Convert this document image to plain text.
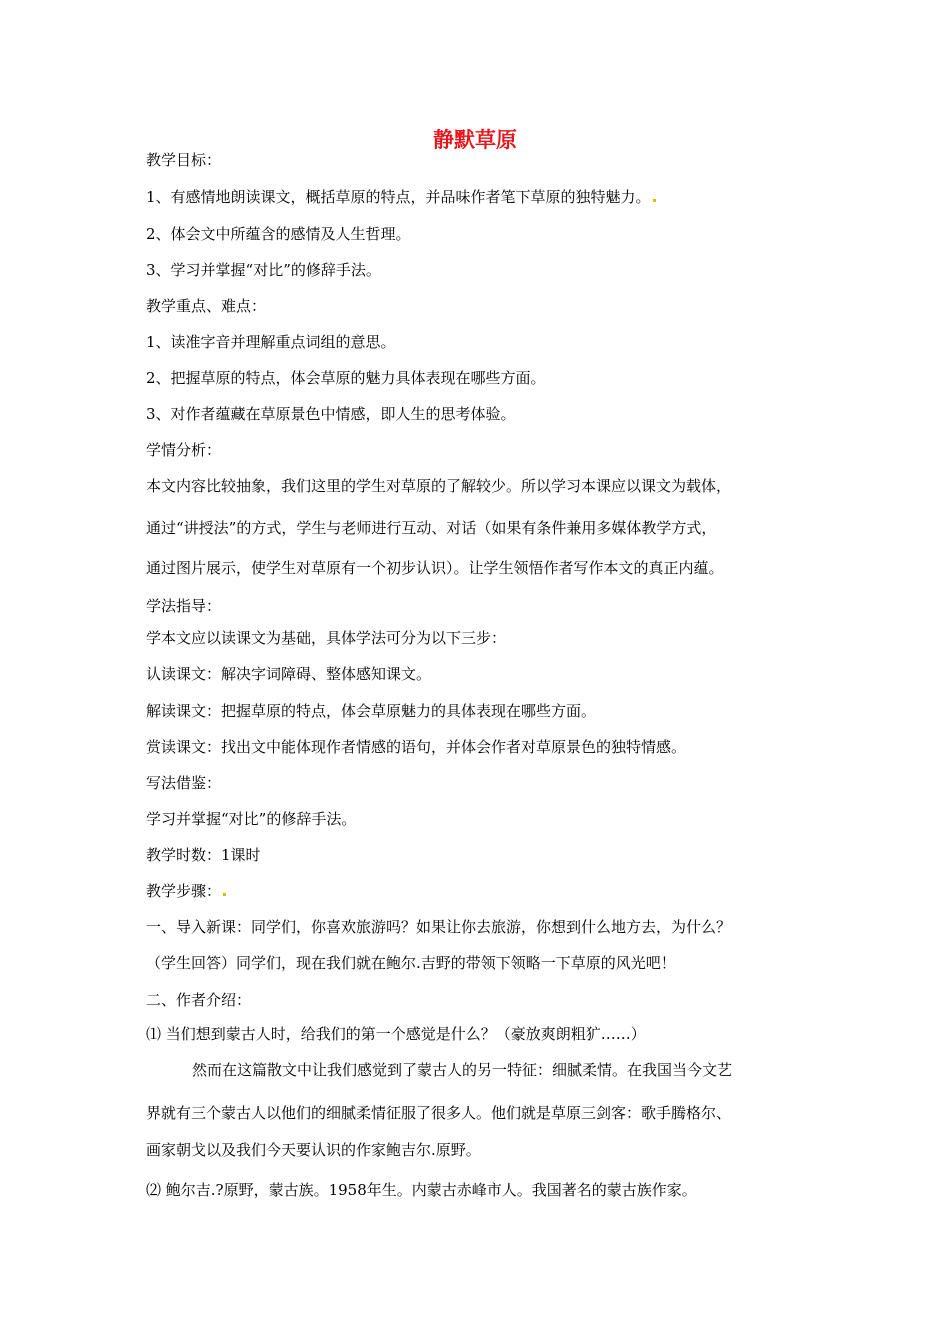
静默草原

教学目标：

1、有感情地朗读课文，概括草原的特点，并品味作者笔下草原的独特魅力。

2、体会文中所蕴含的感情及人生哲理。

3、学习并掌握“对比”的修辞手法。

教学重点、难点：

1、读准字音并理解重点词组的意思。

2、把握草原的特点，体会草原的魅力具体表现在哪些方面。

3、对作者蕴藏在草原景色中情感，即人生的思考体验。

学情分析：

本文内容比较抽象，我们这里的学生对草原的了解较少。所以学习本课应以课文为载体，

通过“讲授法”的方式，学生与老师进行互动、对话（如果有条件兼用多媒体教学方式，

通过图片展示，使学生对草原有一个初步认识）。让学生领悟作者写作本文的真正内蕴。

学法指导：

学本文应以读课文为基础，具体学法可分为以下三步：

认读课文：解决字词障碍、整体感知课文。

解读课文：把握草原的特点，体会草原魅力的具体表现在哪些方面。

赏读课文：找出文中能体现作者情感的语句，并体会作者对草原景色的独特情感。

写法借鉴：

学习并掌握“对比”的修辞手法。

教学时数：1课时

教学步骤：

一、导入新课：同学们，你喜欢旅游吗？如果让你去旅游，你想到什么地方去，为什么？

（学生回答）同学们，现在我们就在鲍尔.吉野的带领下领略一下草原的风光吧！

二、作者介绍：

⑴ 当们想到蒙古人时，给我们的第一个感觉是什么？（豪放爽朗粗犷……）

然而在这篇散文中让我们感觉到了蒙古人的另一特征：细腻柔情。在我国当今文艺

界就有三个蒙古人以他们的细腻柔情征服了很多人。他们就是草原三剑客：歌手腾格尔、

画家朝戈以及我们今天要认识的作家鲍吉尔.原野。

⑵ 鲍尔吉.?原野，蒙古族。1958年生。内蒙古赤峰市人。我国著名的蒙古族作家。
